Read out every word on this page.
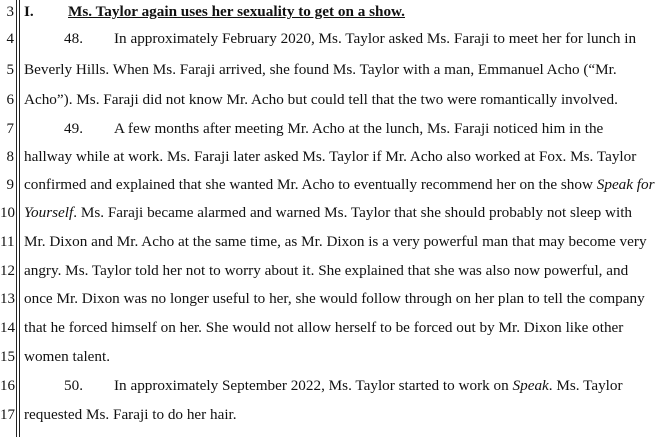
3 I. Ms. Taylor again uses her sexuality to get on a show.
4	48. In approximately February 2020, Ms. Taylor asked Ms. Faraji to meet her for lunch in
5 Beverly Hills. When Ms. Faraji arrived, she found Ms. Taylor with a man, Emmanuel Acho (“Mr.
6 Acho”). Ms. Faraji did not know Mr. Acho but could tell that the two were romantically involved.
7	49. A few months after meeting Mr. Acho at the lunch, Ms. Faraji noticed him in the
8 hallway while at work. Ms. Faraji later asked Ms. Taylor if Mr. Acho also worked at Fox. Ms. Taylor
9 confirmed and explained that she wanted Mr. Acho to eventually recommend her on the show Speak for
10 Yourself. Ms. Faraji became alarmed and warned Ms. Taylor that she should probably not sleep with
11 Mr. Dixon and Mr. Acho at the same time, as Mr. Dixon is a very powerful man that may become very
12 angry. Ms. Taylor told her not to worry about it. She explained that she was also now powerful, and
13 once Mr. Dixon was no longer useful to her, she would follow through on her plan to tell the company
14 that he forced himself on her. She would not allow herself to be forced out by Mr. Dixon like other
15 women talent.
16	50. In approximately September 2022, Ms. Taylor started to work on Speak. Ms. Taylor
17 requested Ms. Faraji to do her hair.
